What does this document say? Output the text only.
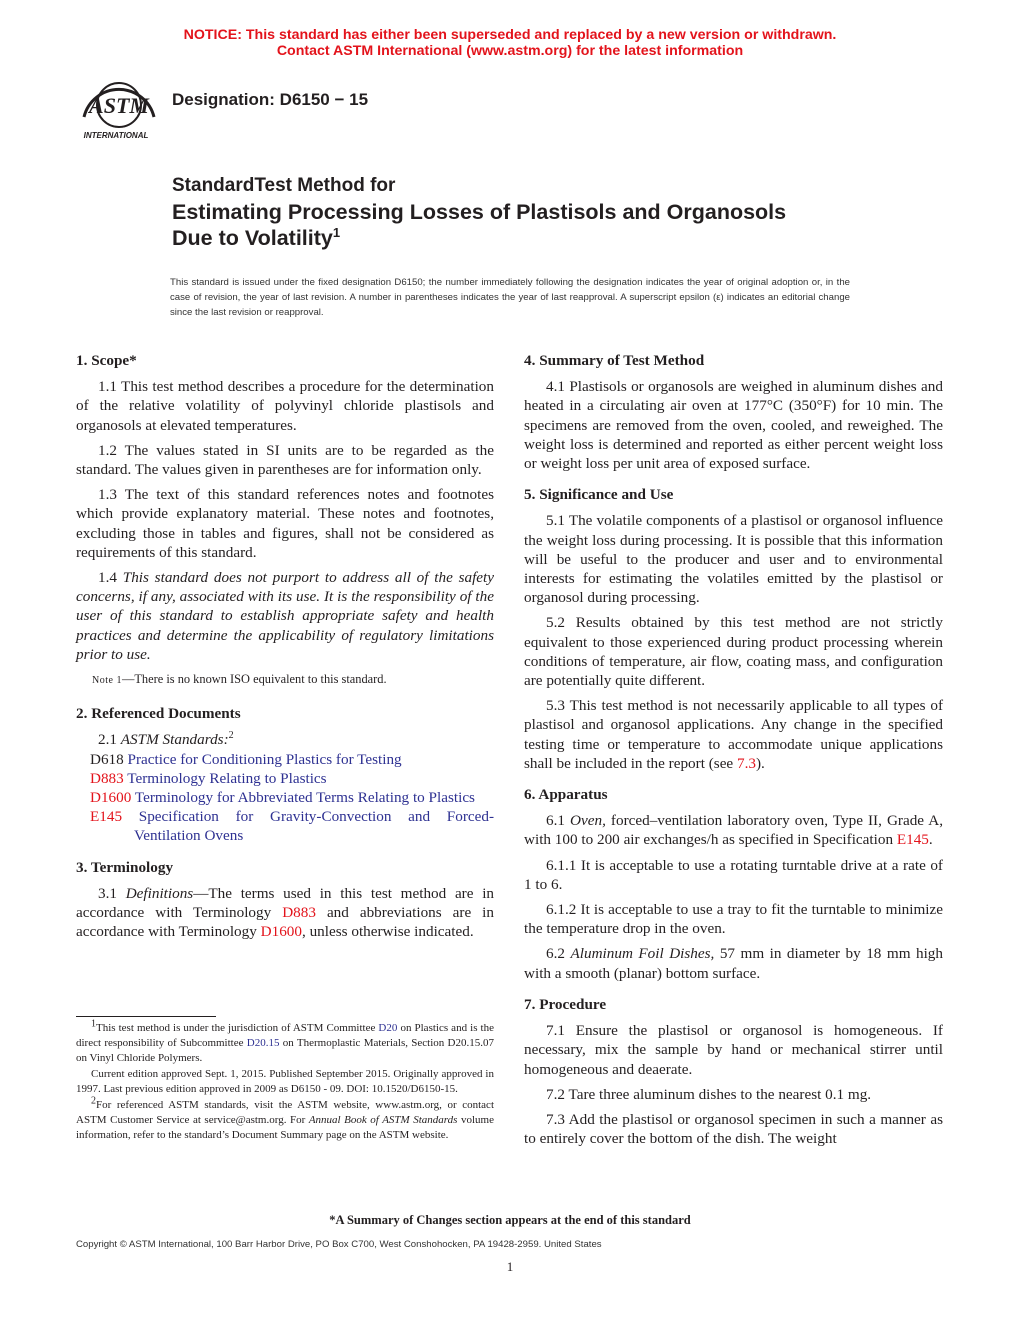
NOTICE: This standard has either been superseded and replaced by a new version or withdrawn.
Contact ASTM International (www.astm.org) for the latest information
ASTM
INTERNATIONAL
Designation: D6150 − 15
StandardTest Method for
Estimating Processing Losses of Plastisols and Organosols
Due to Volatility$^1$
This standard is issued under the fixed designation D6150; the number immediately following the designation indicates the year of original adoption or, in the case of revision, the year of last revision. A number in parentheses indicates the year of last reapproval. A superscript epsilon (ε) indicates an editorial change since the last revision or reapproval.
1. Scope*

1.1 This test method describes a procedure for the determination of the relative volatility of polyvinyl chloride plastisols and organosols at elevated temperatures.

1.2 The values stated in SI units are to be regarded as the standard. The values given in parentheses are for information only.

1.3 The text of this standard references notes and footnotes which provide explanatory material. These notes and footnotes, excluding those in tables and figures, shall not be considered as requirements of this standard.

1.4 This standard does not purport to address all of the safety concerns, if any, associated with its use. It is the responsibility of the user of this standard to establish appropriate safety and health practices and determine the applicability of regulatory limitations prior to use.

Note 1—There is no known ISO equivalent to this standard.

2. Referenced Documents

2.1 ASTM Standards:$^2$

D618 Practice for Conditioning Plastics for Testing

D883 Terminology Relating to Plastics

D1600 Terminology for Abbreviated Terms Relating to Plastics

E145 Specification for Gravity-Convection and Forced-Ventilation Ovens

3. Terminology

3.1 Definitions—The terms used in this test method are in accordance with Terminology D883 and abbreviations are in accordance with Terminology D1600, unless otherwise indicated.

$^1$This test method is under the jurisdiction of ASTM Committee D20 on Plastics and is the direct responsibility of Subcommittee D20.15 on Thermoplastic Materials, Section D20.15.07 on Vinyl Chloride Polymers.

Current edition approved Sept. 1, 2015. Published September 2015. Originally approved in 1997. Last previous edition approved in 2009 as D6150 - 09. DOI: 10.1520/D6150-15.

$^2$For referenced ASTM standards, visit the ASTM website, www.astm.org, or contact ASTM Customer Service at service@astm.org. For Annual Book of ASTM Standards volume information, refer to the standard’s Document Summary page on the ASTM website.

4. Summary of Test Method

4.1 Plastisols or organosols are weighed in aluminum dishes and heated in a circulating air oven at 177°C (350°F) for 10 min. The specimens are removed from the oven, cooled, and reweighed. The weight loss is determined and reported as either percent weight loss or weight loss per unit area of exposed surface.

5. Significance and Use

5.1 The volatile components of a plastisol or organosol influence the weight loss during processing. It is possible that this information will be useful to the producer and user and to environmental interests for estimating the volatiles emitted by the plastisol or organosol during processing.

5.2 Results obtained by this test method are not strictly equivalent to those experienced during product processing wherein conditions of temperature, air flow, coating mass, and configuration are potentially quite different.

5.3 This test method is not necessarily applicable to all types of plastisol and organosol applications. Any change in the specified testing time or temperature to accommodate unique applications shall be included in the report (see 7.3).

6. Apparatus

6.1 Oven, forced–ventilation laboratory oven, Type II, Grade A, with 100 to 200 air exchanges/h as specified in Specification E145.

6.1.1 It is acceptable to use a rotating turntable drive at a rate of 1 to 6.

6.1.2 It is acceptable to use a tray to fit the turntable to minimize the temperature drop in the oven.

6.2 Aluminum Foil Dishes, 57 mm in diameter by 18 mm high with a smooth (planar) bottom surface.

7. Procedure

7.1 Ensure the plastisol or organosol is homogeneous. If necessary, mix the sample by hand or mechanical stirrer until homogeneous and deaerate.

7.2 Tare three aluminum dishes to the nearest 0.1 mg.

7.3 Add the plastisol or organosol specimen in such a manner as to entirely cover the bottom of the dish. The weight

*A Summary of Changes section appears at the end of this standard
Copyright © ASTM International, 100 Barr Harbor Drive, PO Box C700, West Conshohocken, PA 19428-2959. United States
1
